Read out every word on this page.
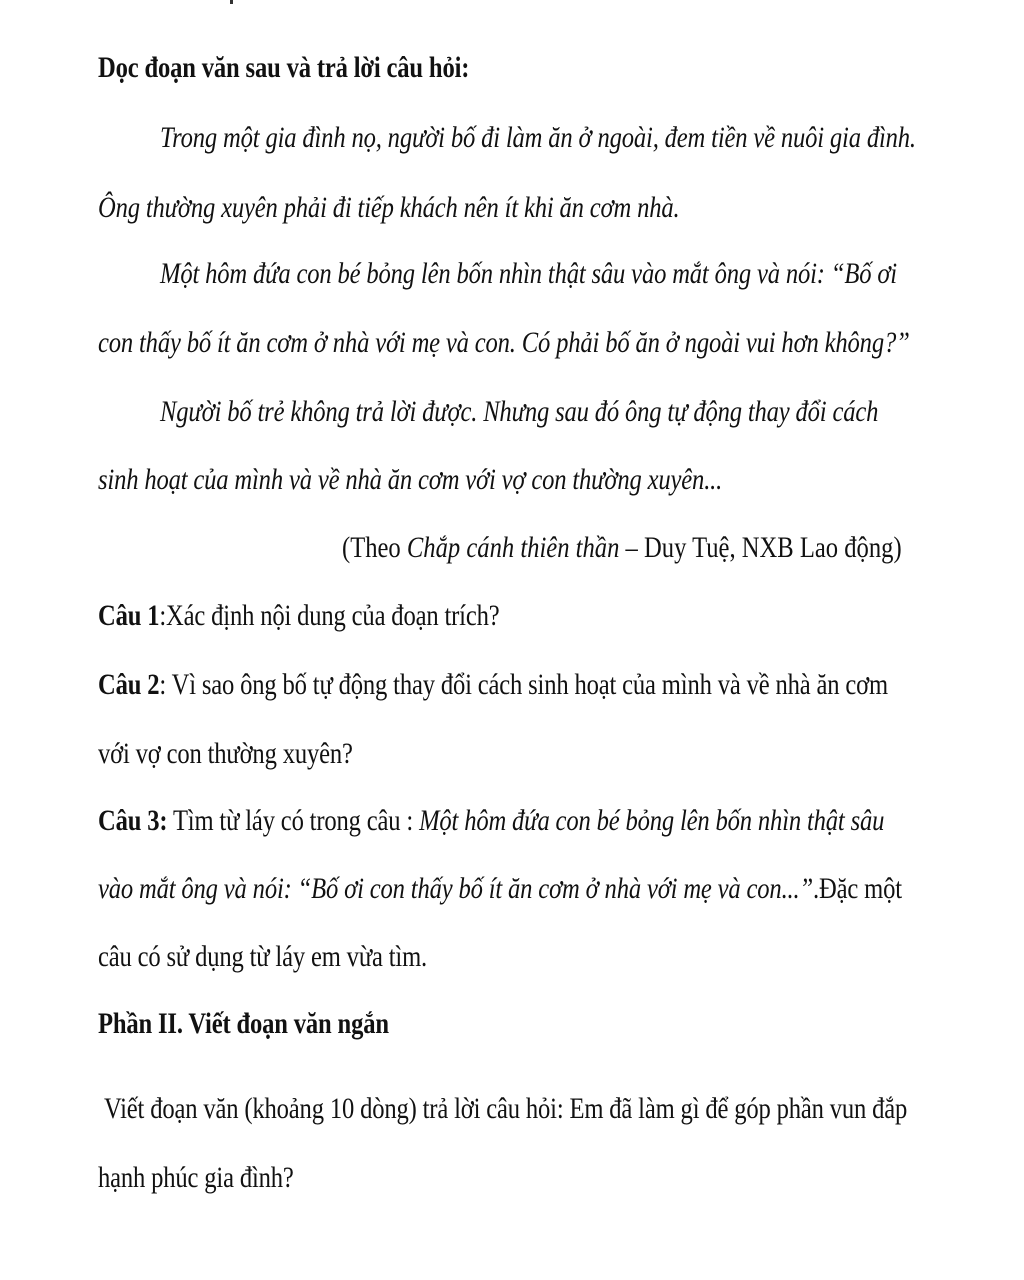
Dọc đoạn văn sau và trả lời câu hỏi:
Trong một gia đình nọ, người bố đi làm ăn ở ngoài, đem tiền về nuôi gia đình.
Ông thường xuyên phải đi tiếp khách nên ít khi ăn cơm nhà.
Một hôm đứa con bé bỏng lên bốn nhìn thật sâu vào mắt ông và nói: “Bố ơi
con thấy bố ít ăn cơm ở nhà với mẹ và con. Có phải bố ăn ở ngoài vui hơn không?”
Người bố trẻ không trả lời được. Nhưng sau đó ông tự động thay đổi cách
sinh hoạt của mình và về nhà ăn cơm với vợ con thường xuyên...
(Theo Chắp cánh thiên thần – Duy Tuệ, NXB Lao động)
Câu 1:Xác định nội dung của đoạn trích?
Câu 2: Vì sao ông bố tự động thay đổi cách sinh hoạt của mình và về nhà ăn cơm
với vợ con thường xuyên?
Câu 3: Tìm từ láy có trong câu : Một hôm đứa con bé bỏng lên bốn nhìn thật sâu
vào mắt ông và nói: “Bố ơi con thấy bố ít ăn cơm ở nhà với mẹ và con...”.Đặc một
câu có sử dụng từ láy em vừa tìm.
Phần II. Viết đoạn văn ngắn
Viết đoạn văn (khoảng 10 dòng) trả lời câu hỏi: Em đã làm gì để góp phần vun đắp
hạnh phúc gia đình?
